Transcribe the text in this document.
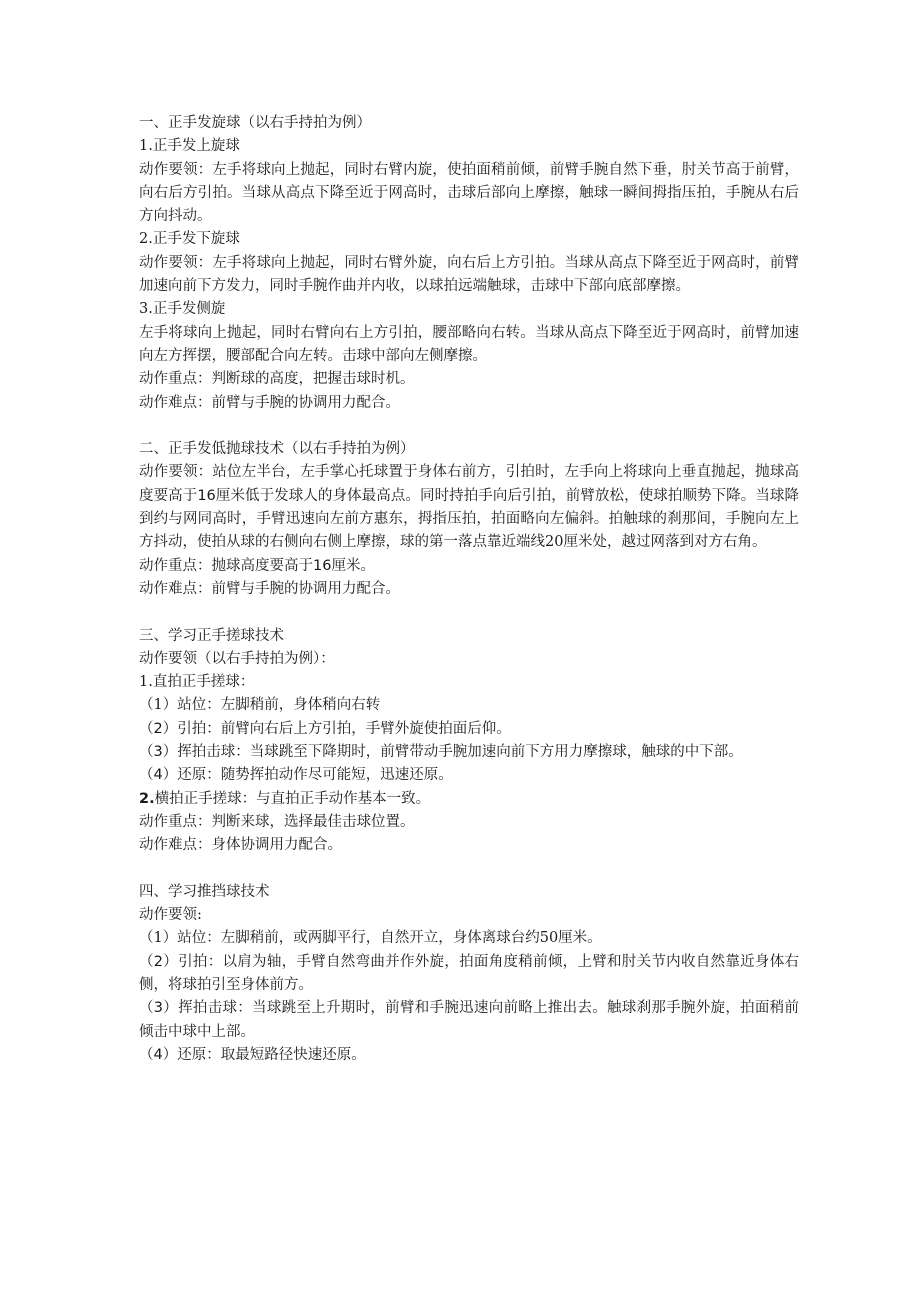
一、正手发旋球（以右手持拍为例）
1.正手发上旋球
动作要领：左手将球向上抛起，同时右臂内旋，使拍面稍前倾，前臂手腕自然下垂，肘关节高于前臂，向右后方引拍。当球从高点下降至近于网高时，击球后部向上摩擦，触球一瞬间拇指压拍，手腕从右后方向抖动。
2.正手发下旋球
动作要领：左手将球向上抛起，同时右臂外旋，向右后上方引拍。当球从高点下降至近于网高时，前臂加速向前下方发力，同时手腕作曲并内收，以球拍远端触球，击球中下部向底部摩擦。
3.正手发侧旋
左手将球向上抛起，同时右臂向右上方引拍，腰部略向右转。当球从高点下降至近于网高时，前臂加速向左方挥摆，腰部配合向左转。击球中部向左侧摩擦。
动作重点：判断球的高度，把握击球时机。
动作难点：前臂与手腕的协调用力配合。
二、正手发低抛球技术（以右手持拍为例）
动作要领：站位左半台，左手掌心托球置于身体右前方，引拍时，左手向上将球向上垂直抛起，抛球高度要高于16厘米低于发球人的身体最高点。同时持拍手向后引拍，前臂放松，使球拍顺势下降。当球降到约与网同高时，手臂迅速向左前方惠东，拇指压拍，拍面略向左偏斜。拍触球的刹那间，手腕向左上方抖动，使拍从球的右侧向右侧上摩擦，球的第一落点靠近端线20厘米处，越过网落到对方右角。
动作重点：抛球高度要高于16厘米。
动作难点：前臂与手腕的协调用力配合。
三、学习正手搓球技术
动作要领（以右手持拍为例）：
1.直拍正手搓球：
（1）站位：左脚稍前，身体稍向右转
（2）引拍：前臂向右后上方引拍，手臂外旋使拍面后仰。
（3）挥拍击球：当球跳至下降期时，前臂带动手腕加速向前下方用力摩擦球，触球的中下部。
（4）还原：随势挥拍动作尽可能短，迅速还原。
2.横拍正手搓球：与直拍正手动作基本一致。
动作重点：判断来球，选择最佳击球位置。
动作难点：身体协调用力配合。
四、学习推挡球技术
动作要领:
（1）站位：左脚稍前，或两脚平行，自然开立，身体离球台约50厘米。
（2）引拍：以肩为轴，手臂自然弯曲并作外旋，拍面角度稍前倾，上臂和肘关节内收自然靠近身体右侧，将球拍引至身体前方。
（3）挥拍击球：当球跳至上升期时，前臂和手腕迅速向前略上推出去。触球刹那手腕外旋，拍面稍前倾击中球中上部。
（4）还原：取最短路径快速还原。
